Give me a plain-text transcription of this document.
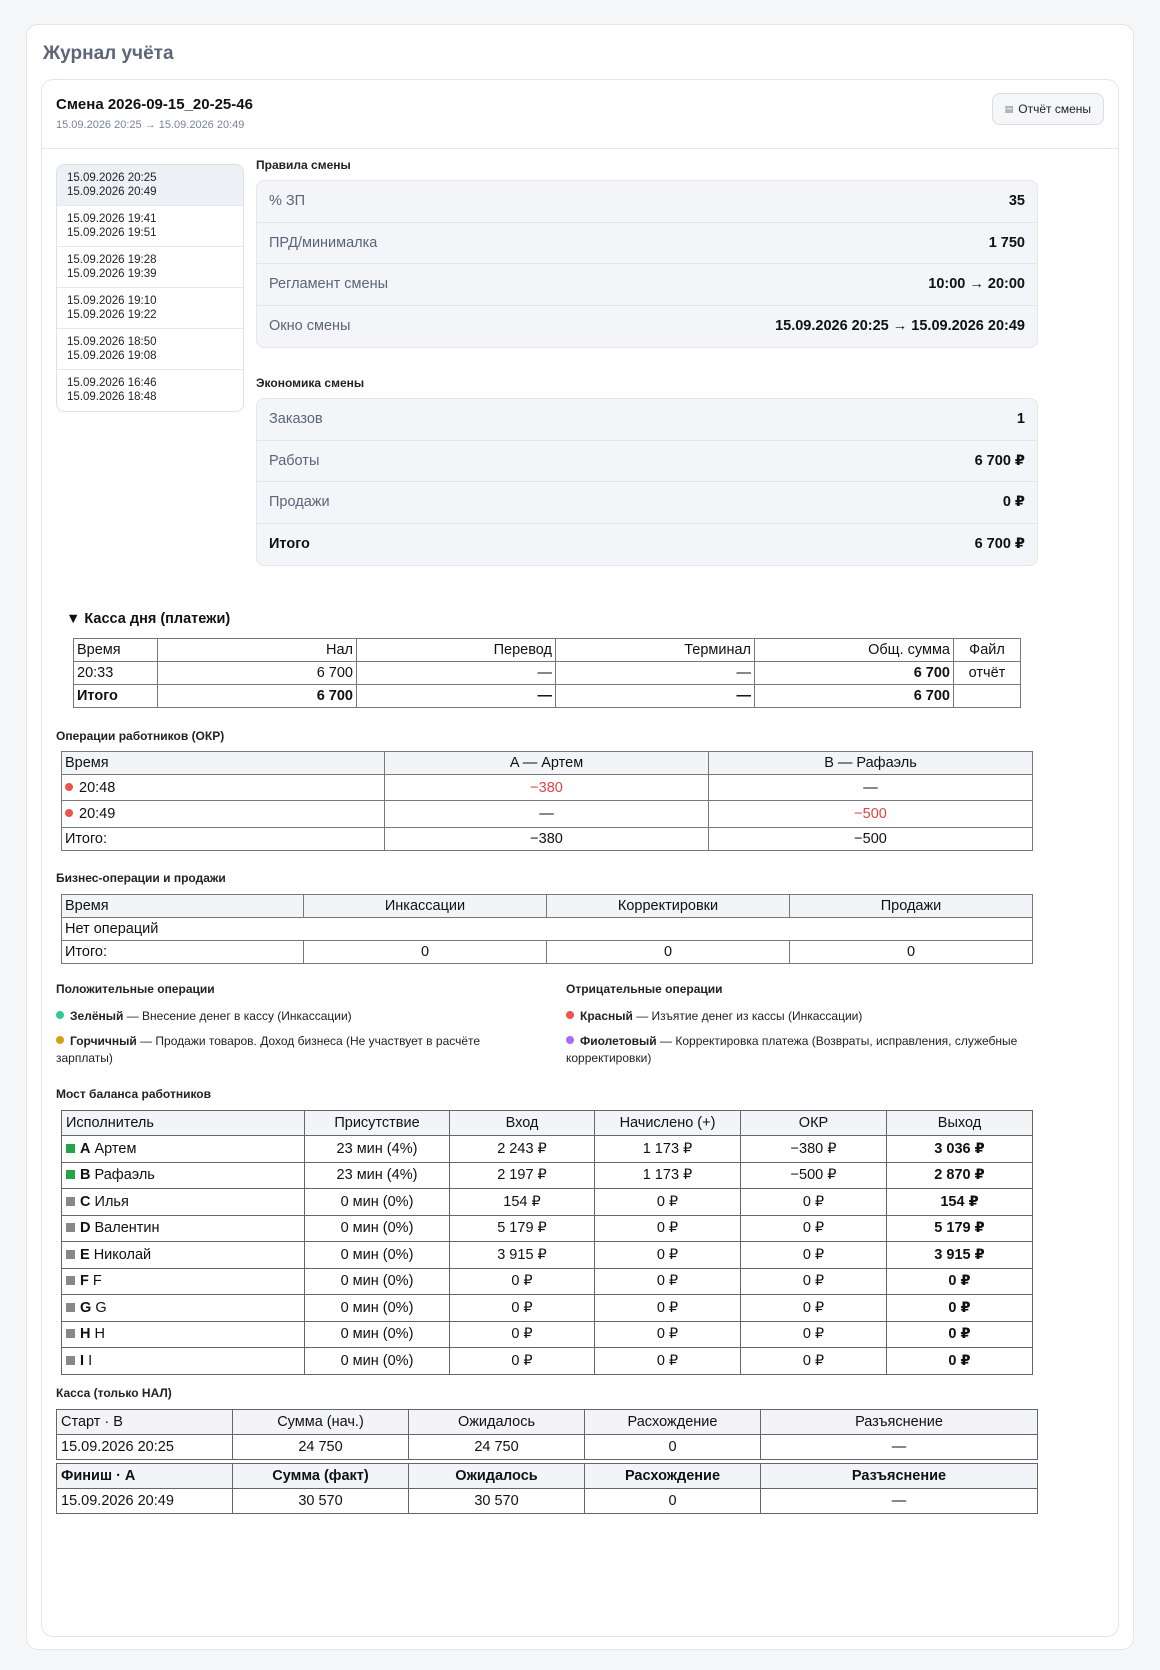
Журнал учёта
Смена 2026-09-15_20-25-46
15.09.2026 20:25 → 15.09.2026 20:49
▤ Отчёт смены
15.09.2026 20:25
15.09.2026 20:49
15.09.2026 19:41
15.09.2026 19:51
15.09.2026 19:28
15.09.2026 19:39
15.09.2026 19:10
15.09.2026 19:22
15.09.2026 18:50
15.09.2026 19:08
15.09.2026 16:46
15.09.2026 18:48
Правила смены
% ЗП	35
ПРД/минималка	1 750
Регламент смены	10:00 → 20:00
Окно смены	15.09.2026 20:25 → 15.09.2026 20:49
Экономика смены
Заказов	1
Работы	6 700 ₽
Продажи	0 ₽
Итого	6 700 ₽
▼ Касса дня (платежи)
Время	Нал	Перевод	Терминал	Общ. сумма	Файл
20:33	6 700	—	—	6 700	отчёт
Итого	6 700	—	—	6 700	
Операции работников (ОКР)
Время	A — Артем	B — Рафаэль
20:48	−380	—
20:49	—	−500
Итого:	−380	−500
Бизнес-операции и продажи
Время	Инкассации	Корректировки	Продажи
Нет операций			
Итого:	0	0	0
Положительные операции
Зелёный — Внесение денег в кассу (Инкассации)
Горчичный — Продажи товаров. Доход бизнеса (Не участвует в расчёте зарплаты)
Отрицательные операции
Красный — Изъятие денег из кассы (Инкассации)
Фиолетовый — Корректировка платежа (Возвраты, исправления, служебные корректировки)
Мост баланса работников
Исполнитель	Присутствие	Вход	Начислено (+)	ОКР	Выход
A Артем	23 мин (4%)	2 243 ₽	1 173 ₽	−380 ₽	3 036 ₽
B Рафаэль	23 мин (4%)	2 197 ₽	1 173 ₽	−500 ₽	2 870 ₽
C Илья	0 мин (0%)	154 ₽	0 ₽	0 ₽	154 ₽
D Валентин	0 мин (0%)	5 179 ₽	0 ₽	0 ₽	5 179 ₽
E Николай	0 мин (0%)	3 915 ₽	0 ₽	0 ₽	3 915 ₽
F F	0 мин (0%)	0 ₽	0 ₽	0 ₽	0 ₽
G G	0 мин (0%)	0 ₽	0 ₽	0 ₽	0 ₽
H H	0 мин (0%)	0 ₽	0 ₽	0 ₽	0 ₽
I I	0 мин (0%)	0 ₽	0 ₽	0 ₽	0 ₽
Касса (только НАЛ)
Старт · B	Сумма (нач.)	Ожидалось	Расхождение	Разъяснение
15.09.2026 20:25	24 750	24 750	0	—
Финиш · A	Сумма (факт)	Ожидалось	Расхождение	Разъяснение
15.09.2026 20:49	30 570	30 570	0	—
